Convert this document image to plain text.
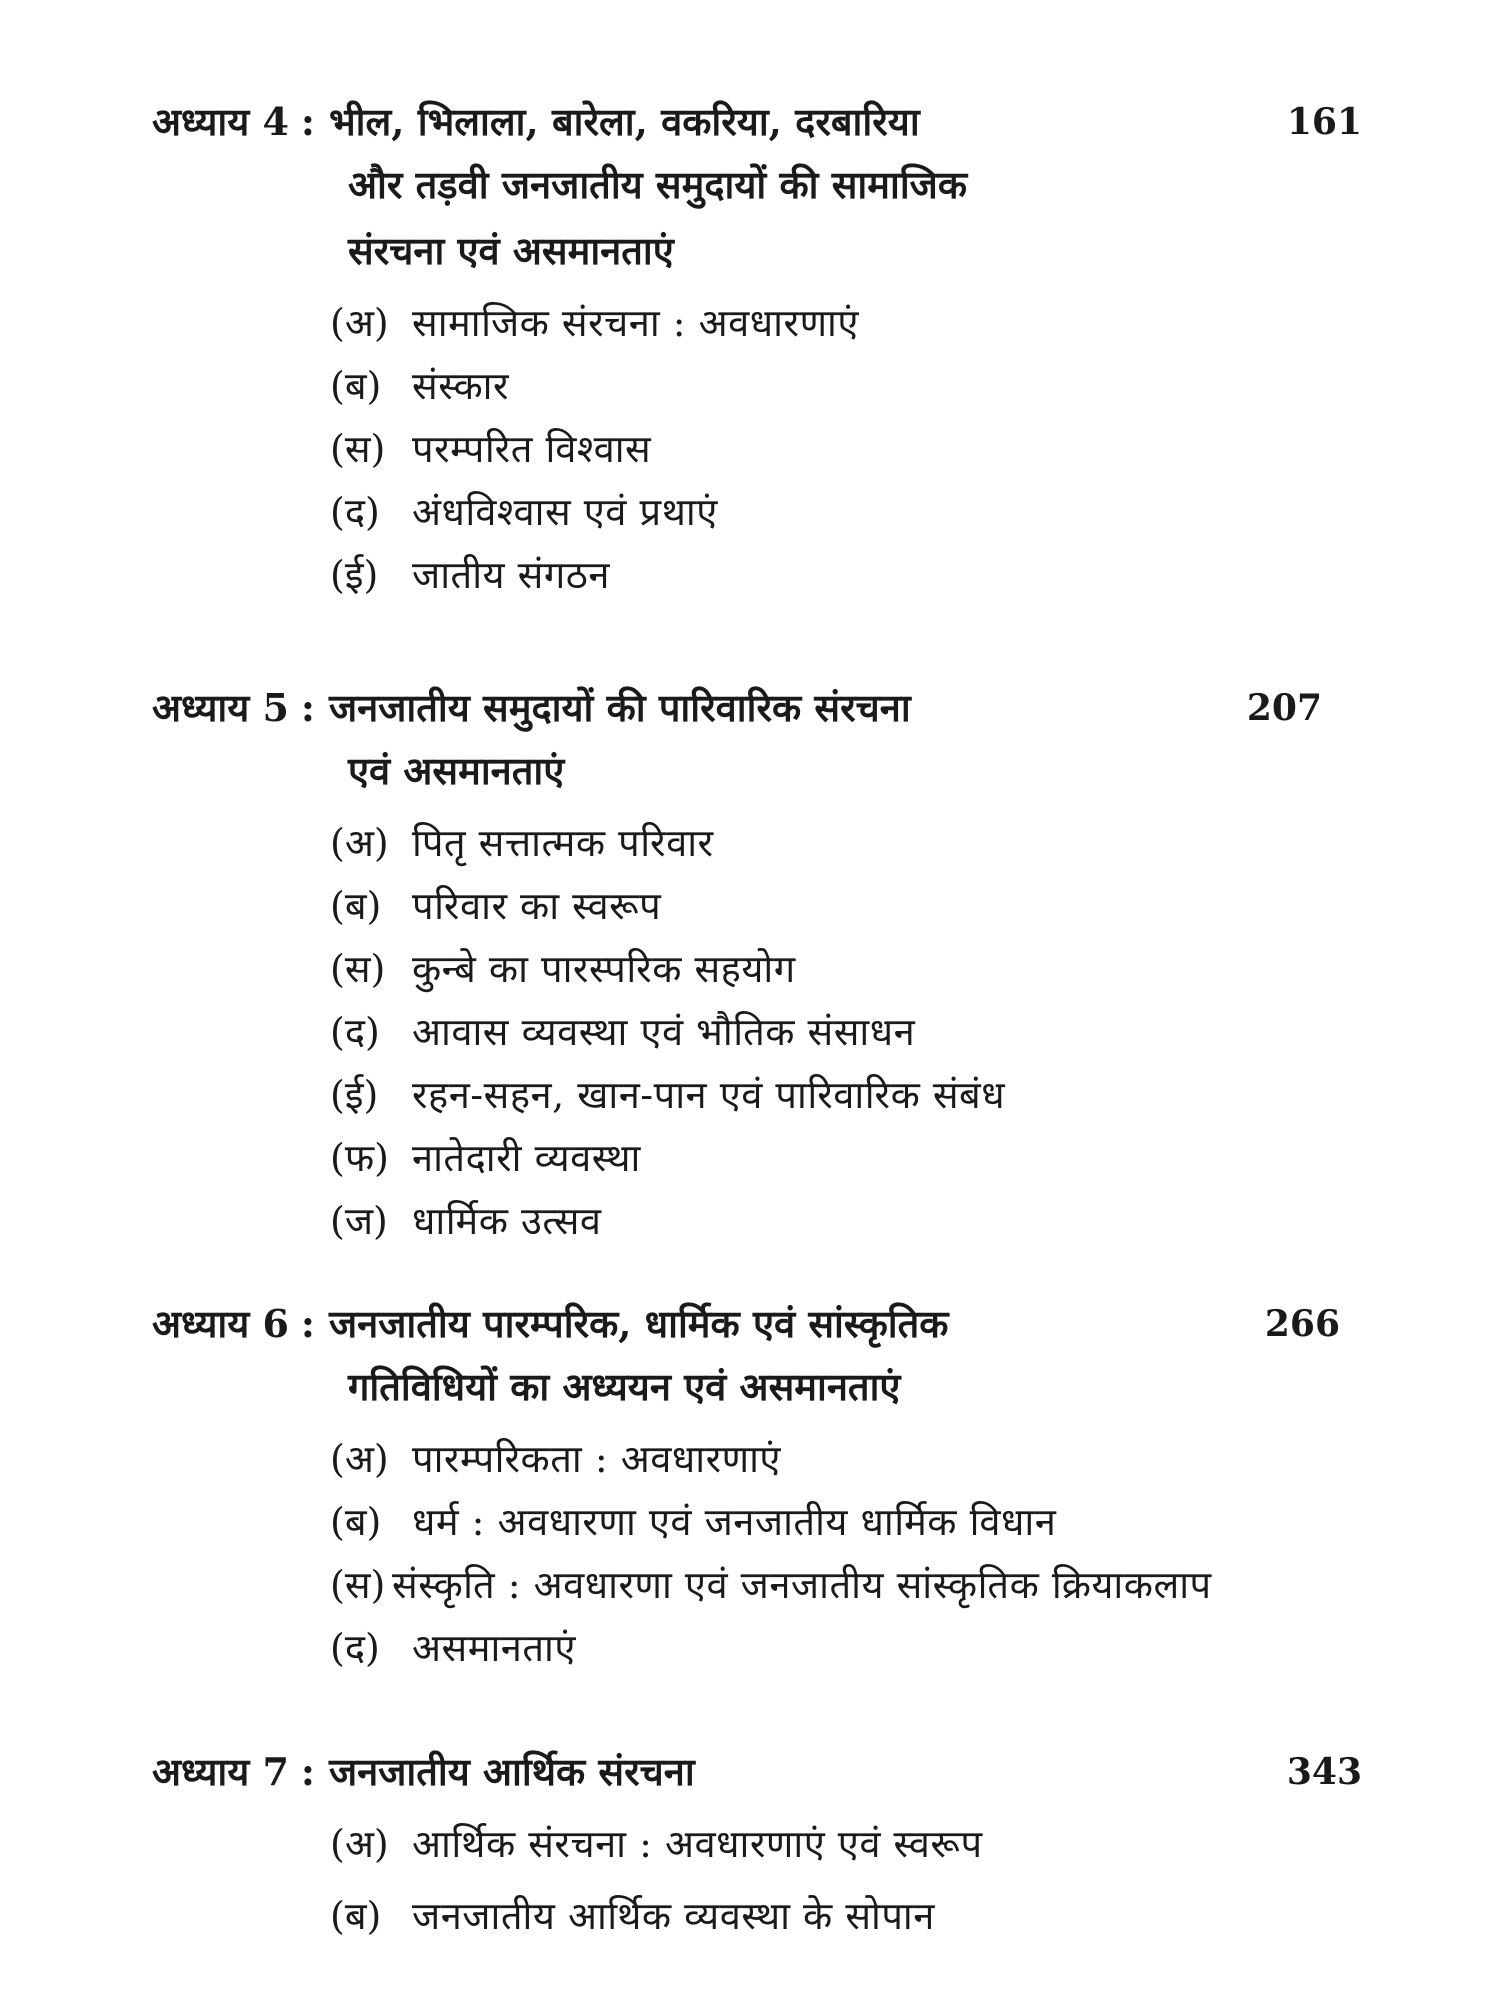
अध्याय 4 : भील, भिलाला, बारेला, वकरिया, दरबारिया	161
और तड़वी जनजातीय समुदायों की सामाजिक
संरचना एवं असमानताएं
(अ) सामाजिक संरचना : अवधारणाएं
(ब) संस्कार
(स) परम्परित विश्वास
(द) अंधविश्वास एवं प्रथाएं
(ई) जातीय संगठन
अध्याय 5 : जनजातीय समुदायों की पारिवारिक संरचना	207
एवं असमानताएं
(अ) पितृ सत्तात्मक परिवार
(ब) परिवार का स्वरूप
(स) कुन्बे का पारस्परिक सहयोग
(द) आवास व्यवस्था एवं भौतिक संसाधन
(ई) रहन-सहन, खान-पान एवं पारिवारिक संबंध
(फ) नातेदारी व्यवस्था
(ज) धार्मिक उत्सव
अध्याय 6 : जनजातीय पारम्परिक, धार्मिक एवं सांस्कृतिक	266
गतिविधियों का अध्ययन एवं असमानताएं
(अ) पारम्परिकता : अवधारणाएं
(ब) धर्म : अवधारणा एवं जनजातीय धार्मिक विधान
(स) संस्कृति : अवधारणा एवं जनजातीय सांस्कृतिक क्रियाकलाप
(द) असमानताएं
अध्याय 7 : जनजातीय आर्थिक संरचना	343
(अ) आर्थिक संरचना : अवधारणाएं एवं स्वरूप
(ब) जनजातीय आर्थिक व्यवस्था के सोपान
